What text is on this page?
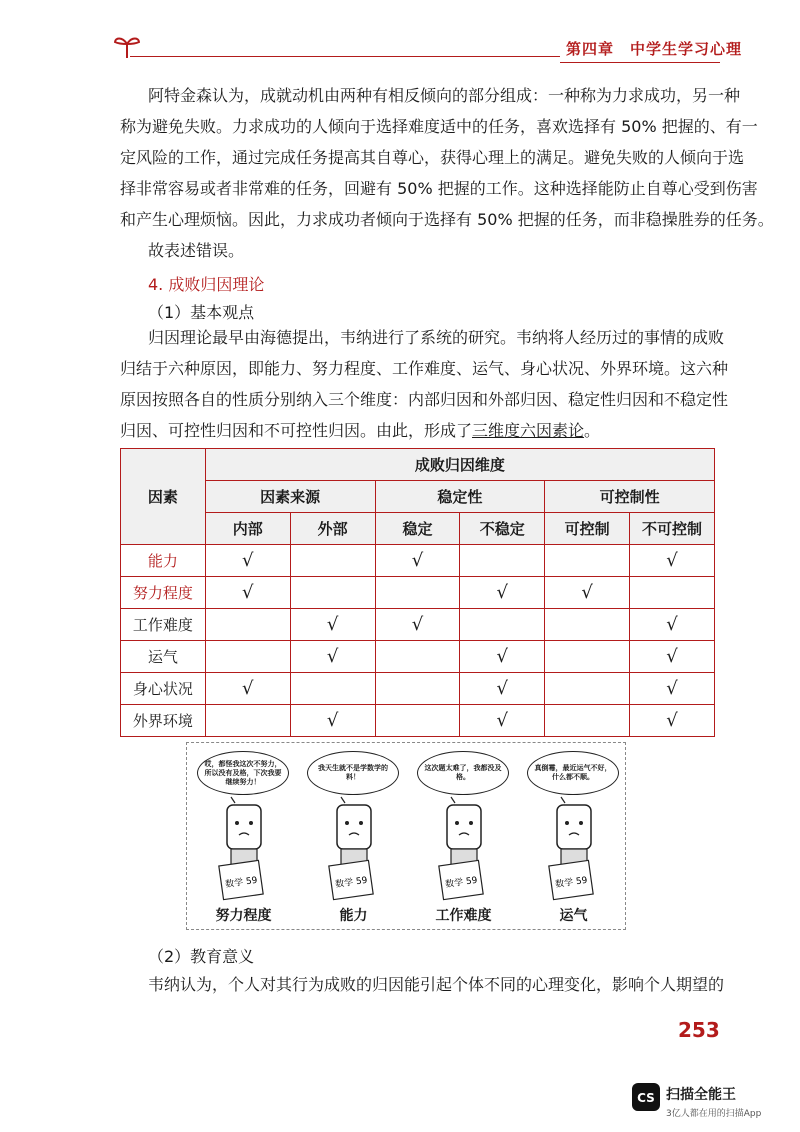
第四章　中学生学习心理
阿特金森认为，成就动机由两种有相反倾向的部分组成：一种称为力求成功，另一种
称为避免失败。力求成功的人倾向于选择难度适中的任务，喜欢选择有 50% 把握的、有一
定风险的工作，通过完成任务提高其自尊心，获得心理上的满足。避免失败的人倾向于选
择非常容易或者非常难的任务，回避有 50% 把握的工作。这种选择能防止自尊心受到伤害
和产生心理烦恼。因此，力求成功者倾向于选择有 50% 把握的任务，而非稳操胜券的任务。
故表述错误。
4. 成败归因理论
（1）基本观点
归因理论最早由海德提出，韦纳进行了系统的研究。韦纳将人经历过的事情的成败
归结于六种原因，即能力、努力程度、工作难度、运气、身心状况、外界环境。这六种
原因按照各自的性质分别纳入三个维度：内部归因和外部归因、稳定性归因和不稳定性
归因、可控性归因和不可控性归因。由此，形成了三维度六因素论。
因素	成败归因维度					
	因素来源		稳定性		可控制性	
	内部	外部	稳定	不稳定	可控制	不可控制
能力	√		√			√
努力程度	√			√	√	
工作难度		√	√			√
运气		√		√		√
身心状况	√			√		√
外界环境		√		√		√
哎，都怪我这次不努力，所以没有及格，下次我要继续努力！
数学 59
努力程度
我天生就不是学数学的料！
数学 59
能力
这次题太难了，我都没及格。
数学 59
工作难度
真倒霉，最近运气不好，什么都不顺。
数学 59
运气
（2）教育意义
韦纳认为，个人对其行为成败的归因能引起个体不同的心理变化，影响个人期望的
253
CS 扫描全能王
3亿人都在用的扫描App
